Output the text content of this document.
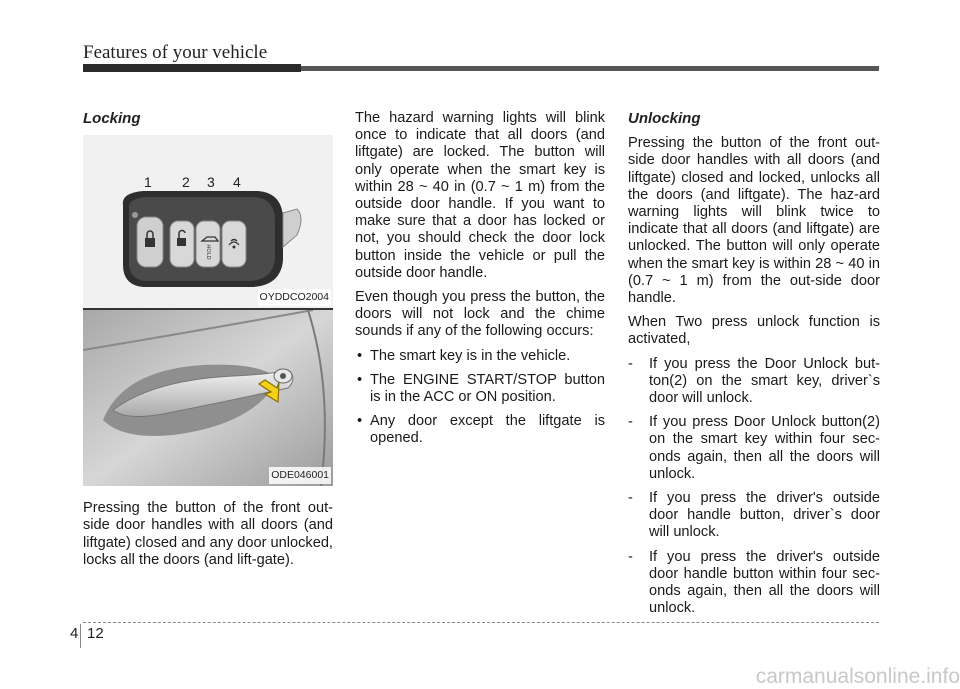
Features of your vehicle
Locking
1 2 3 4
HOLD
OYDDCO2004
ODE046001

Pressing the button of the front out-side door handles with all doors (and liftgate) closed and any door unlocked, locks all the doors (and lift-gate).

The hazard warning lights will blink once to indicate that all doors (and liftgate) are locked. The button will only operate when the smart key is within 28 ~ 40 in (0.7 ~ 1 m) from the outside door handle. If you want to make sure that a door has locked or not, you should check the door lock button inside the vehicle or pull the outside door handle.

Even though you press the button, the doors will not lock and the chime sounds if any of the following occurs:

• The smart key is in the vehicle.
• The ENGINE START/STOP button is in the ACC or ON position.
• Any door except the liftgate is opened.
Unlocking

Pressing the button of the front out-side door handles with all doors (and liftgate) closed and locked, unlocks all the doors (and liftgate). The haz-ard warning lights will blink twice to indicate that all doors (and liftgate) are unlocked. The button will only operate when the smart key is within 28 ~ 40 in (0.7 ~ 1 m) from the out-side door handle.

When Two press unlock function is activated,

- If you press the Door Unlock but-ton(2) on the smart key, driver`s door will unlock.
- If you press Door Unlock button(2) on the smart key within four sec-onds again, then all the doors will unlock.
- If you press the driver's outside door handle button, driver`s door will unlock.
- If you press the driver's outside door handle button within four sec-onds again, then all the doors will unlock.
4 12
carmanualsonline.info
